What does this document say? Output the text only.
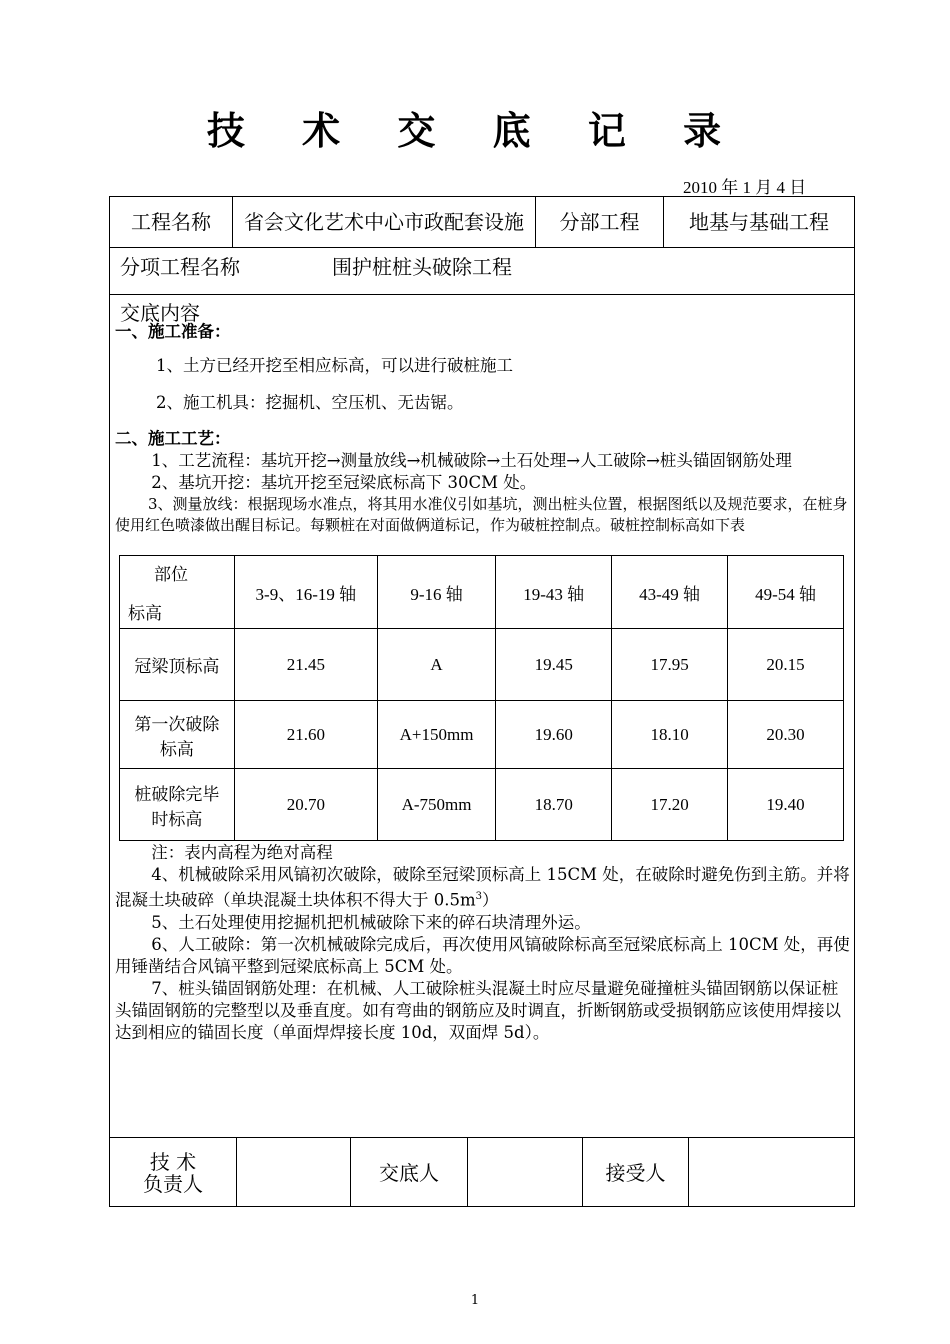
技 术 交 底 记 录
2010 年 1 月 4 日
工程名称	省会文化艺术中心市政配套设施	分部工程	地基与基础工程
分项工程名称	围护桩桩头破除工程
交底内容

一、施工准备：

1、土方已经开挖至相应标高，可以进行破桩施工
2、施工机具：挖掘机、空压机、无齿锯。

二、施工工艺：

1、工艺流程：基坑开挖→测量放线→机械破除→土石处理→人工破除→桩头锚固钢筋处理

2、基坑开挖：基坑开挖至冠梁底标高下 30CM 处。

3、测量放线：根据现场水准点，将其用水准仪引如基坑，测出桩头位置，根据图纸以及规范要求，在桩身使用红色喷漆做出醒目标记。每颗桩在对面做俩道标记，作为破桩控制点。破桩控制标高如下表

部位
标高	3-9、16-19 轴	9-16 轴	19-43 轴	43-49 轴	49-54 轴
冠梁顶标高	21.45	A	19.45	17.95	20.15
第一次破除标高	21.60	A+150mm	19.60	18.10	20.30
桩破除完毕时标高	20.70	A-750mm	18.70	17.20	19.40

注：表内高程为绝对高程

4、机械破除采用风镐初次破除，破除至冠梁顶标高上 15CM 处，在破除时避免伤到主筋。并将混凝土块破碎（单块混凝土块体积不得大于 $0.5m^3$）

5、土石处理使用挖掘机把机械破除下来的碎石块清理外运。

6、人工破除：第一次机械破除完成后，再次使用风镐破除标高至冠梁底标高上 10CM 处，再使用锤凿结合风镐平整到冠梁底标高上 5CM 处。

7、桩头锚固钢筋处理：在机械、人工破除桩头混凝土时应尽量避免碰撞桩头锚固钢筋以保证桩头锚固钢筋的完整型以及垂直度。如有弯曲的钢筋应及时调直，折断钢筋或受损钢筋应该使用焊接以达到相应的锚固长度（单面焊焊接长度 10d，双面焊 5d）。

技 术
负责人	交底人	接受人
1
